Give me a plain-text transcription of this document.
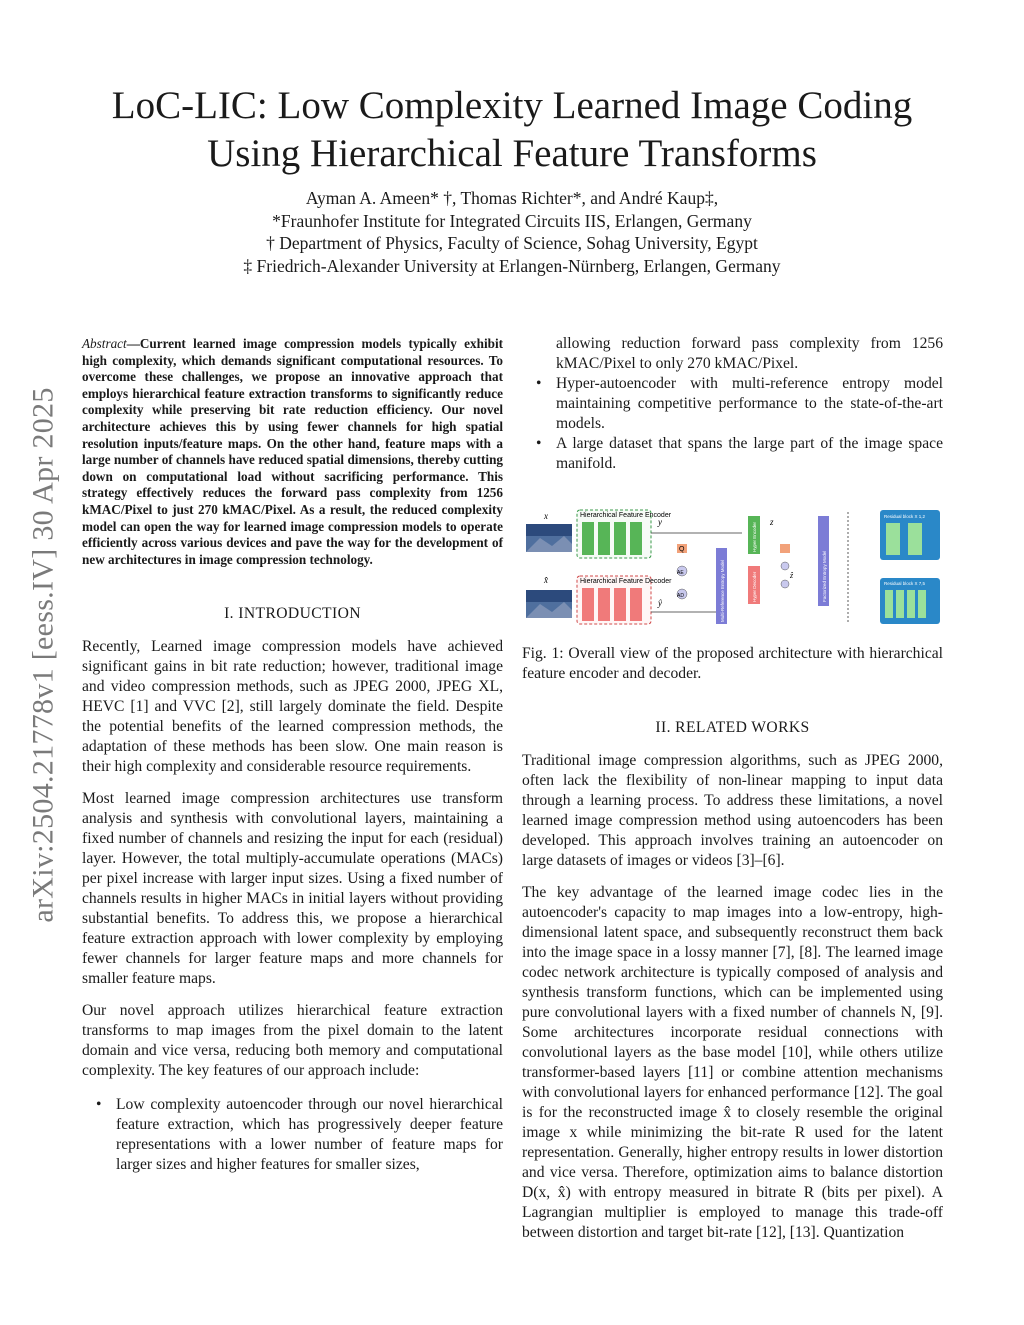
arXiv:2504.21778v1 [eess.IV] 30 Apr 2025
LoC-LIC: Low Complexity Learned Image Coding
Using Hierarchical Feature Transforms
Ayman A. Ameen* †, Thomas Richter*, and André Kaup‡,
*Fraunhofer Institute for Integrated Circuits IIS, Erlangen, Germany
† Department of Physics, Faculty of Science, Sohag University, Egypt
‡ Friedrich-Alexander University at Erlangen-Nürnberg, Erlangen, Germany

Abstract—Current learned image compression models typically exhibit high complexity, which demands significant computational resources. To overcome these challenges, we propose an innovative approach that employs hierarchical feature extraction transforms to significantly reduce complexity while preserving bit rate reduction efficiency. Our novel architecture achieves this by using fewer channels for high spatial resolution inputs/feature maps. On the other hand, feature maps with a large number of channels have reduced spatial dimensions, thereby cutting down on computational load without sacrificing performance. This strategy effectively reduces the forward pass complexity from 1256 kMAC/Pixel to just 270 kMAC/Pixel. As a result, the reduced complexity model can open the way for learned image compression models to operate efficiently across various devices and pave the way for the development of new architectures in image compression technology.

I. INTRODUCTION

Recently, Learned image compression models have achieved significant gains in bit rate reduction; however, traditional image and video compression methods, such as JPEG 2000, JPEG XL, HEVC [1] and VVC [2], still largely dominate the field. Despite the potential benefits of the learned compression methods, the adaptation of these methods has been slow. One main reason is their high complexity and considerable resource requirements.

Most learned image compression architectures use transform analysis and synthesis with convolutional layers, maintaining a fixed number of channels and resizing the input for each (residual) layer. However, the total multiply-accumulate operations (MACs) per pixel increase with larger input sizes. Using a fixed number of channels results in higher MACs in initial layers without providing substantial benefits. To address this, we propose a hierarchical feature extraction approach with lower complexity by employing fewer channels for larger feature maps and more channels for smaller feature maps.

Our novel approach utilizes hierarchical feature extraction transforms to map images from the pixel domain to the latent domain and vice versa, reducing both memory and computational complexity. The key features of our approach include:

• Low complexity autoencoder through our novel hierarchical feature extraction, which has progressively deeper feature representations with a lower number of feature maps for larger sizes and higher features for smaller sizes,

allowing reduction forward pass complexity from 1256 kMAC/Pixel to only 270 kMAC/Pixel.

• Hyper-autoencoder with multi-reference entropy model maintaining competitive performance to the state-of-the-art models.
• A large dataset that spans the large part of the image space manifold.
x	Hierarchical Feature Encoder
y
Q
AE
AD	Multi-Reference Entropy Model
Hyper Encoder
Hyper Decoder
z
Factorized Entropy Model
Residual block X 1,2
Residual block X 7,5
x̂	Hierarchical Feature Decoder
ŷ
ẑ

Fig. 1: Overall view of the proposed architecture with hierarchical feature encoder and decoder.

II. RELATED WORKS

Traditional image compression algorithms, such as JPEG 2000, often lack the flexibility of non-linear mapping to input data through a learning process. To address these limitations, a novel learned image compression method using autoencoders has been developed. This approach involves training an autoencoder on large datasets of images or videos [3]–[6].

The key advantage of the learned image codec lies in the autoencoder's capacity to map images into a low-entropy, high-dimensional latent space, and subsequently reconstruct them back into the image space in a lossy manner [7], [8]. The learned image codec network architecture is typically composed of analysis and synthesis transform functions, which can be implemented using pure convolutional layers with a fixed number of channels N, [9]. Some architectures incorporate residual connections with convolutional layers as the base model [10], while others utilize transformer-based layers [11] or combine attention mechanisms with convolutional layers for enhanced performance [12]. The goal is for the reconstructed image x̂ to closely resemble the original image x while minimizing the bit-rate R used for the latent representation. Generally, higher entropy results in lower distortion and vice versa. Therefore, optimization aims to balance distortion D(x, x̂) with entropy measured in bitrate R (bits per pixel). A Lagrangian multiplier is employed to manage this trade-off between distortion and target bit-rate [12], [13]. Quantization
